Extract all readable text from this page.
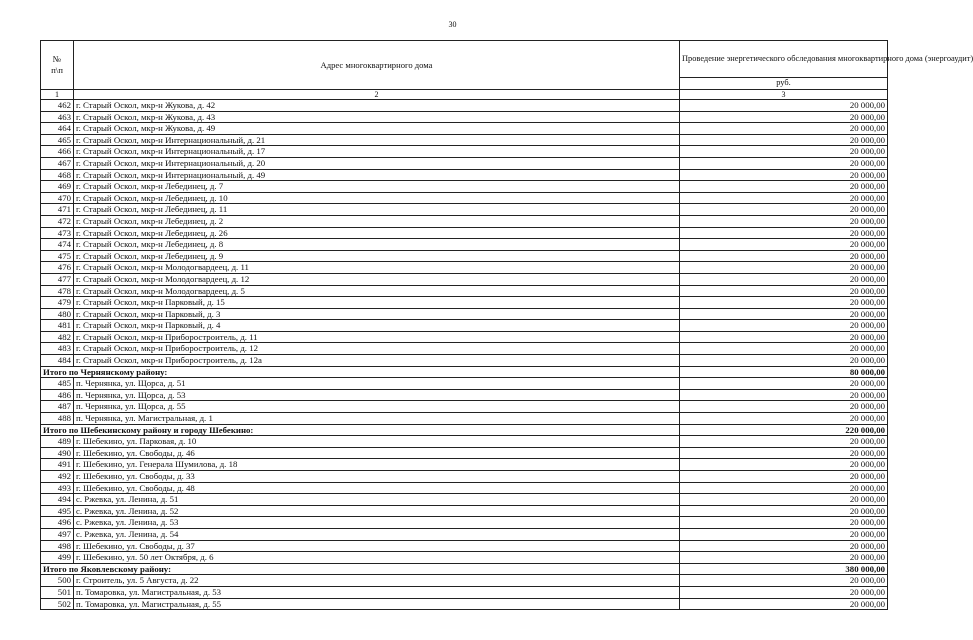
30
№
п\п	Адрес многоквартирного дома	Проведение энергетического обследования многоквартирного дома (энергоаудит)
		руб.
1	2	3
462	г. Старый Оскол, мкр-н Жукова, д. 42	20 000,00
463	г. Старый Оскол, мкр-н Жукова, д. 43	20 000,00
464	г. Старый Оскол, мкр-н Жукова, д. 49	20 000,00
465	г. Старый Оскол, мкр-н Интернациональный, д. 21	20 000,00
466	г. Старый Оскол, мкр-н Интернациональный, д. 17	20 000,00
467	г. Старый Оскол, мкр-н Интернациональный, д. 20	20 000,00
468	г. Старый Оскол, мкр-н Интернациональный, д. 49	20 000,00
469	г. Старый Оскол, мкр-н Лебединец, д. 7	20 000,00
470	г. Старый Оскол, мкр-н Лебединец, д. 10	20 000,00
471	г. Старый Оскол, мкр-н Лебединец, д. 11	20 000,00
472	г. Старый Оскол, мкр-н Лебединец, д. 2	20 000,00
473	г. Старый Оскол, мкр-н Лебединец, д. 26	20 000,00
474	г. Старый Оскол, мкр-н Лебединец, д. 8	20 000,00
475	г. Старый Оскол, мкр-н Лебединец, д. 9	20 000,00
476	г. Старый Оскол, мкр-н Молодогвардеец, д. 11	20 000,00
477	г. Старый Оскол, мкр-н Молодогвардеец, д. 12	20 000,00
478	г. Старый Оскол, мкр-н Молодогвардеец, д. 5	20 000,00
479	г. Старый Оскол, мкр-н Парковый, д. 15	20 000,00
480	г. Старый Оскол, мкр-н Парковый, д. 3	20 000,00
481	г. Старый Оскол, мкр-н Парковый, д. 4	20 000,00
482	г. Старый Оскол, мкр-н Приборостроитель, д. 11	20 000,00
483	г. Старый Оскол, мкр-н Приборостроитель, д. 12	20 000,00
484	г. Старый Оскол, мкр-н Приборостроитель, д. 12а	20 000,00
Итого по Чернянскому району:		80 000,00
485	п. Чернянка, ул. Щорса, д. 51	20 000,00
486	п. Чернянка, ул. Щорса, д. 53	20 000,00
487	п. Чернянка, ул. Щорса, д. 55	20 000,00
488	п. Чернянка, ул. Магистральная, д. 1	20 000,00
Итого по Шебекинскому району и городу Шебекино:		220 000,00
489	г. Шебекино, ул. Парковая, д. 10	20 000,00
490	г. Шебекино, ул. Свободы, д. 46	20 000,00
491	г. Шебекино, ул. Генерала Шумилова, д. 18	20 000,00
492	г. Шебекино, ул. Свободы, д. 33	20 000,00
493	г. Шебекино, ул. Свободы, д. 48	20 000,00
494	с. Ржевка, ул. Ленина, д. 51	20 000,00
495	с. Ржевка, ул. Ленина, д. 52	20 000,00
496	с. Ржевка, ул. Ленина, д. 53	20 000,00
497	с. Ржевка, ул. Ленина, д. 54	20 000,00
498	г. Шебекино, ул. Свободы, д. 37	20 000,00
499	г. Шебекино, ул. 50 лет Октября, д. 6	20 000,00
Итого по Яковлевскому району:		380 000,00
500	г. Строитель, ул. 5 Августа, д. 22	20 000,00
501	п. Томаровка, ул. Магистральная, д. 53	20 000,00
502	п. Томаровка, ул. Магистральная, д. 55	20 000,00
